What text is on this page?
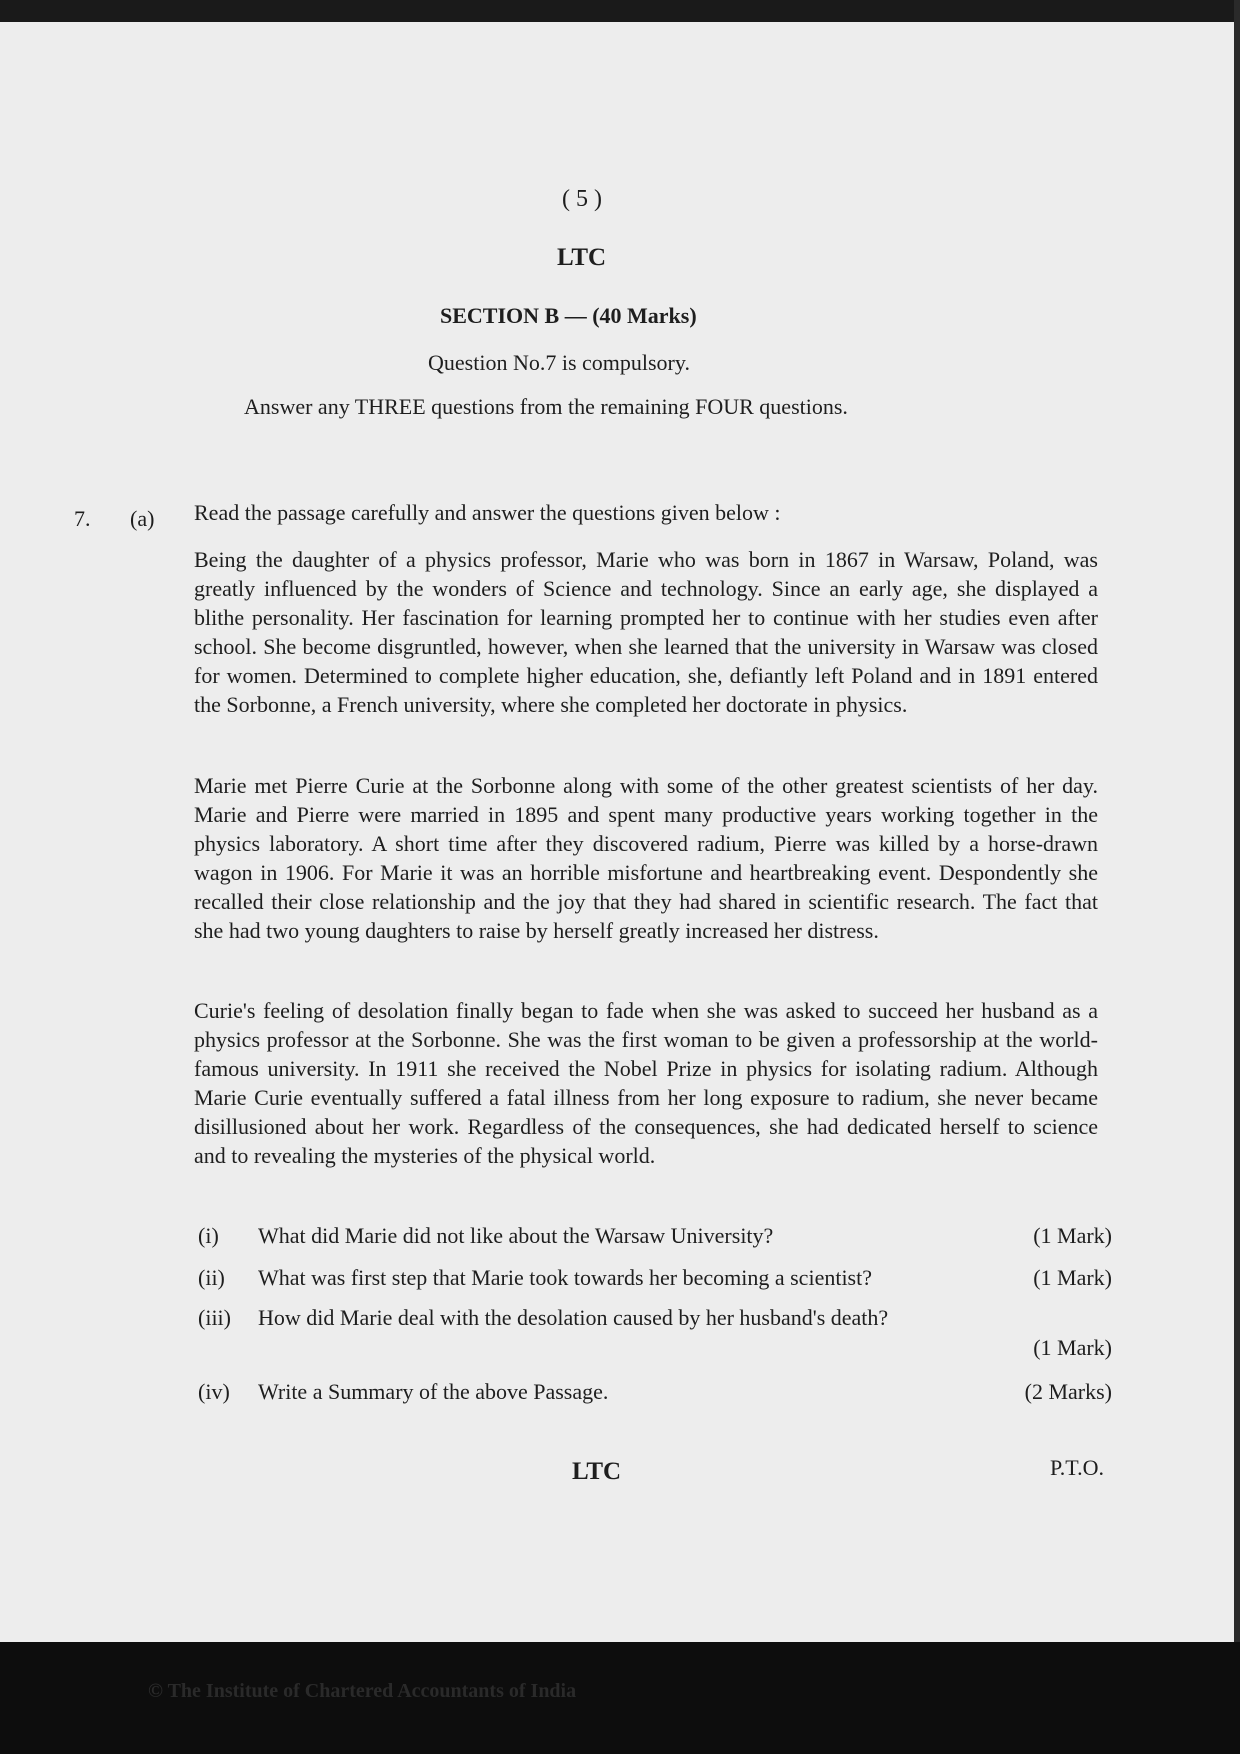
( 5 )
LTC
SECTION B — (40 Marks)
Question No.7 is compulsory.
Answer any THREE questions from the remaining FOUR questions.
7. (a) Read the passage carefully and answer the questions given below :

Being the daughter of a physics professor, Marie who was born in 1867 in Warsaw, Poland, was greatly influenced by the wonders of Science and technology. Since an early age, she displayed a blithe personality. Her fascination for learning prompted her to continue with her studies even after school. She become disgruntled, however, when she learned that the university in Warsaw was closed for women. Determined to complete higher education, she, defiantly left Poland and in 1891 entered the Sorbonne, a French university, where she completed her doctorate in physics.

Marie met Pierre Curie at the Sorbonne along with some of the other greatest scientists of her day. Marie and Pierre were married in 1895 and spent many productive years working together in the physics laboratory. A short time after they discovered radium, Pierre was killed by a horse-drawn wagon in 1906. For Marie it was an horrible misfortune and heartbreaking event. Despondently she recalled their close relationship and the joy that they had shared in scientific research. The fact that she had two young daughters to raise by herself greatly increased her distress.

Curie's feeling of desolation finally began to fade when she was asked to succeed her husband as a physics professor at the Sorbonne. She was the first woman to be given a professorship at the world-famous university. In 1911 she received the Nobel Prize in physics for isolating radium. Although Marie Curie eventually suffered a fatal illness from her long exposure to radium, she never became disillusioned about her work. Regardless of the consequences, she had dedicated herself to science and to revealing the mysteries of the physical world.

(i) What did Marie did not like about the Warsaw University?	(1 Mark)
(ii) What was first step that Marie took towards her becoming a scientist?	(1 Mark)
(iii) How did Marie deal with the desolation caused by her husband's death?
(1 Mark)
(iv) Write a Summary of the above Passage.	(2 Marks)
LTC	P.T.O.
© The Institute of Chartered Accountants of India
